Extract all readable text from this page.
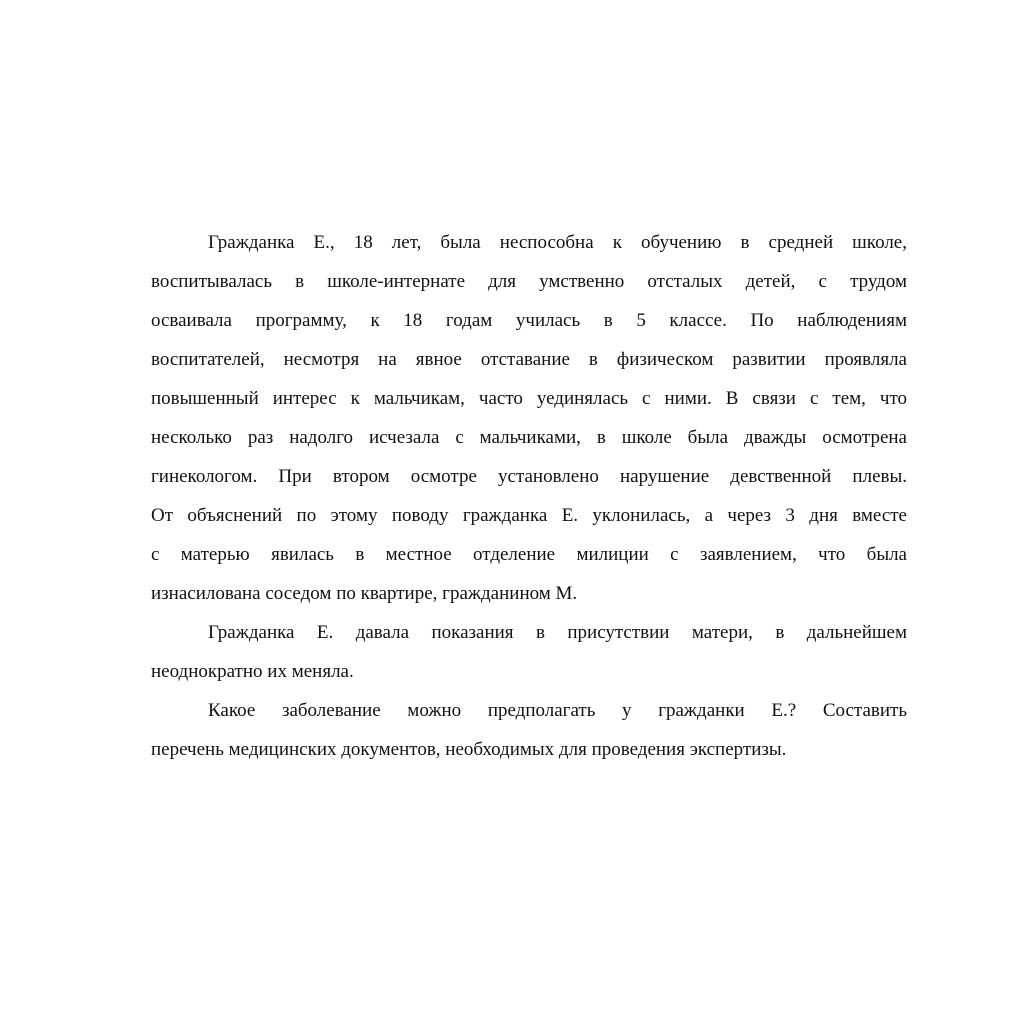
Гражданка Е., 18 лет, была неспособна к обучению в средней школе,
воспитывалась в школе-интернате для умственно отсталых детей, с трудом
осваивала программу, к 18 годам училась в 5 классе. По наблюдениям
воспитателей, несмотря на явное отставание в физическом развитии проявляла
повышенный интерес к мальчикам, часто уединялась с ними. В связи с тем, что
несколько раз надолго исчезала с мальчиками, в школе была дважды осмотрена
гинекологом. При втором осмотре установлено нарушение девственной плевы.
От объяснений по этому поводу гражданка Е. уклонилась, а через 3 дня вместе
с матерью явилась в местное отделение милиции с заявлением, что была
изнасилована соседом по квартире, гражданином М.
Гражданка Е. давала показания в присутствии матери, в дальнейшем
неоднократно их меняла.
Какое заболевание можно предполагать у гражданки Е.? Составить
перечень медицинских документов, необходимых для проведения экспертизы.
